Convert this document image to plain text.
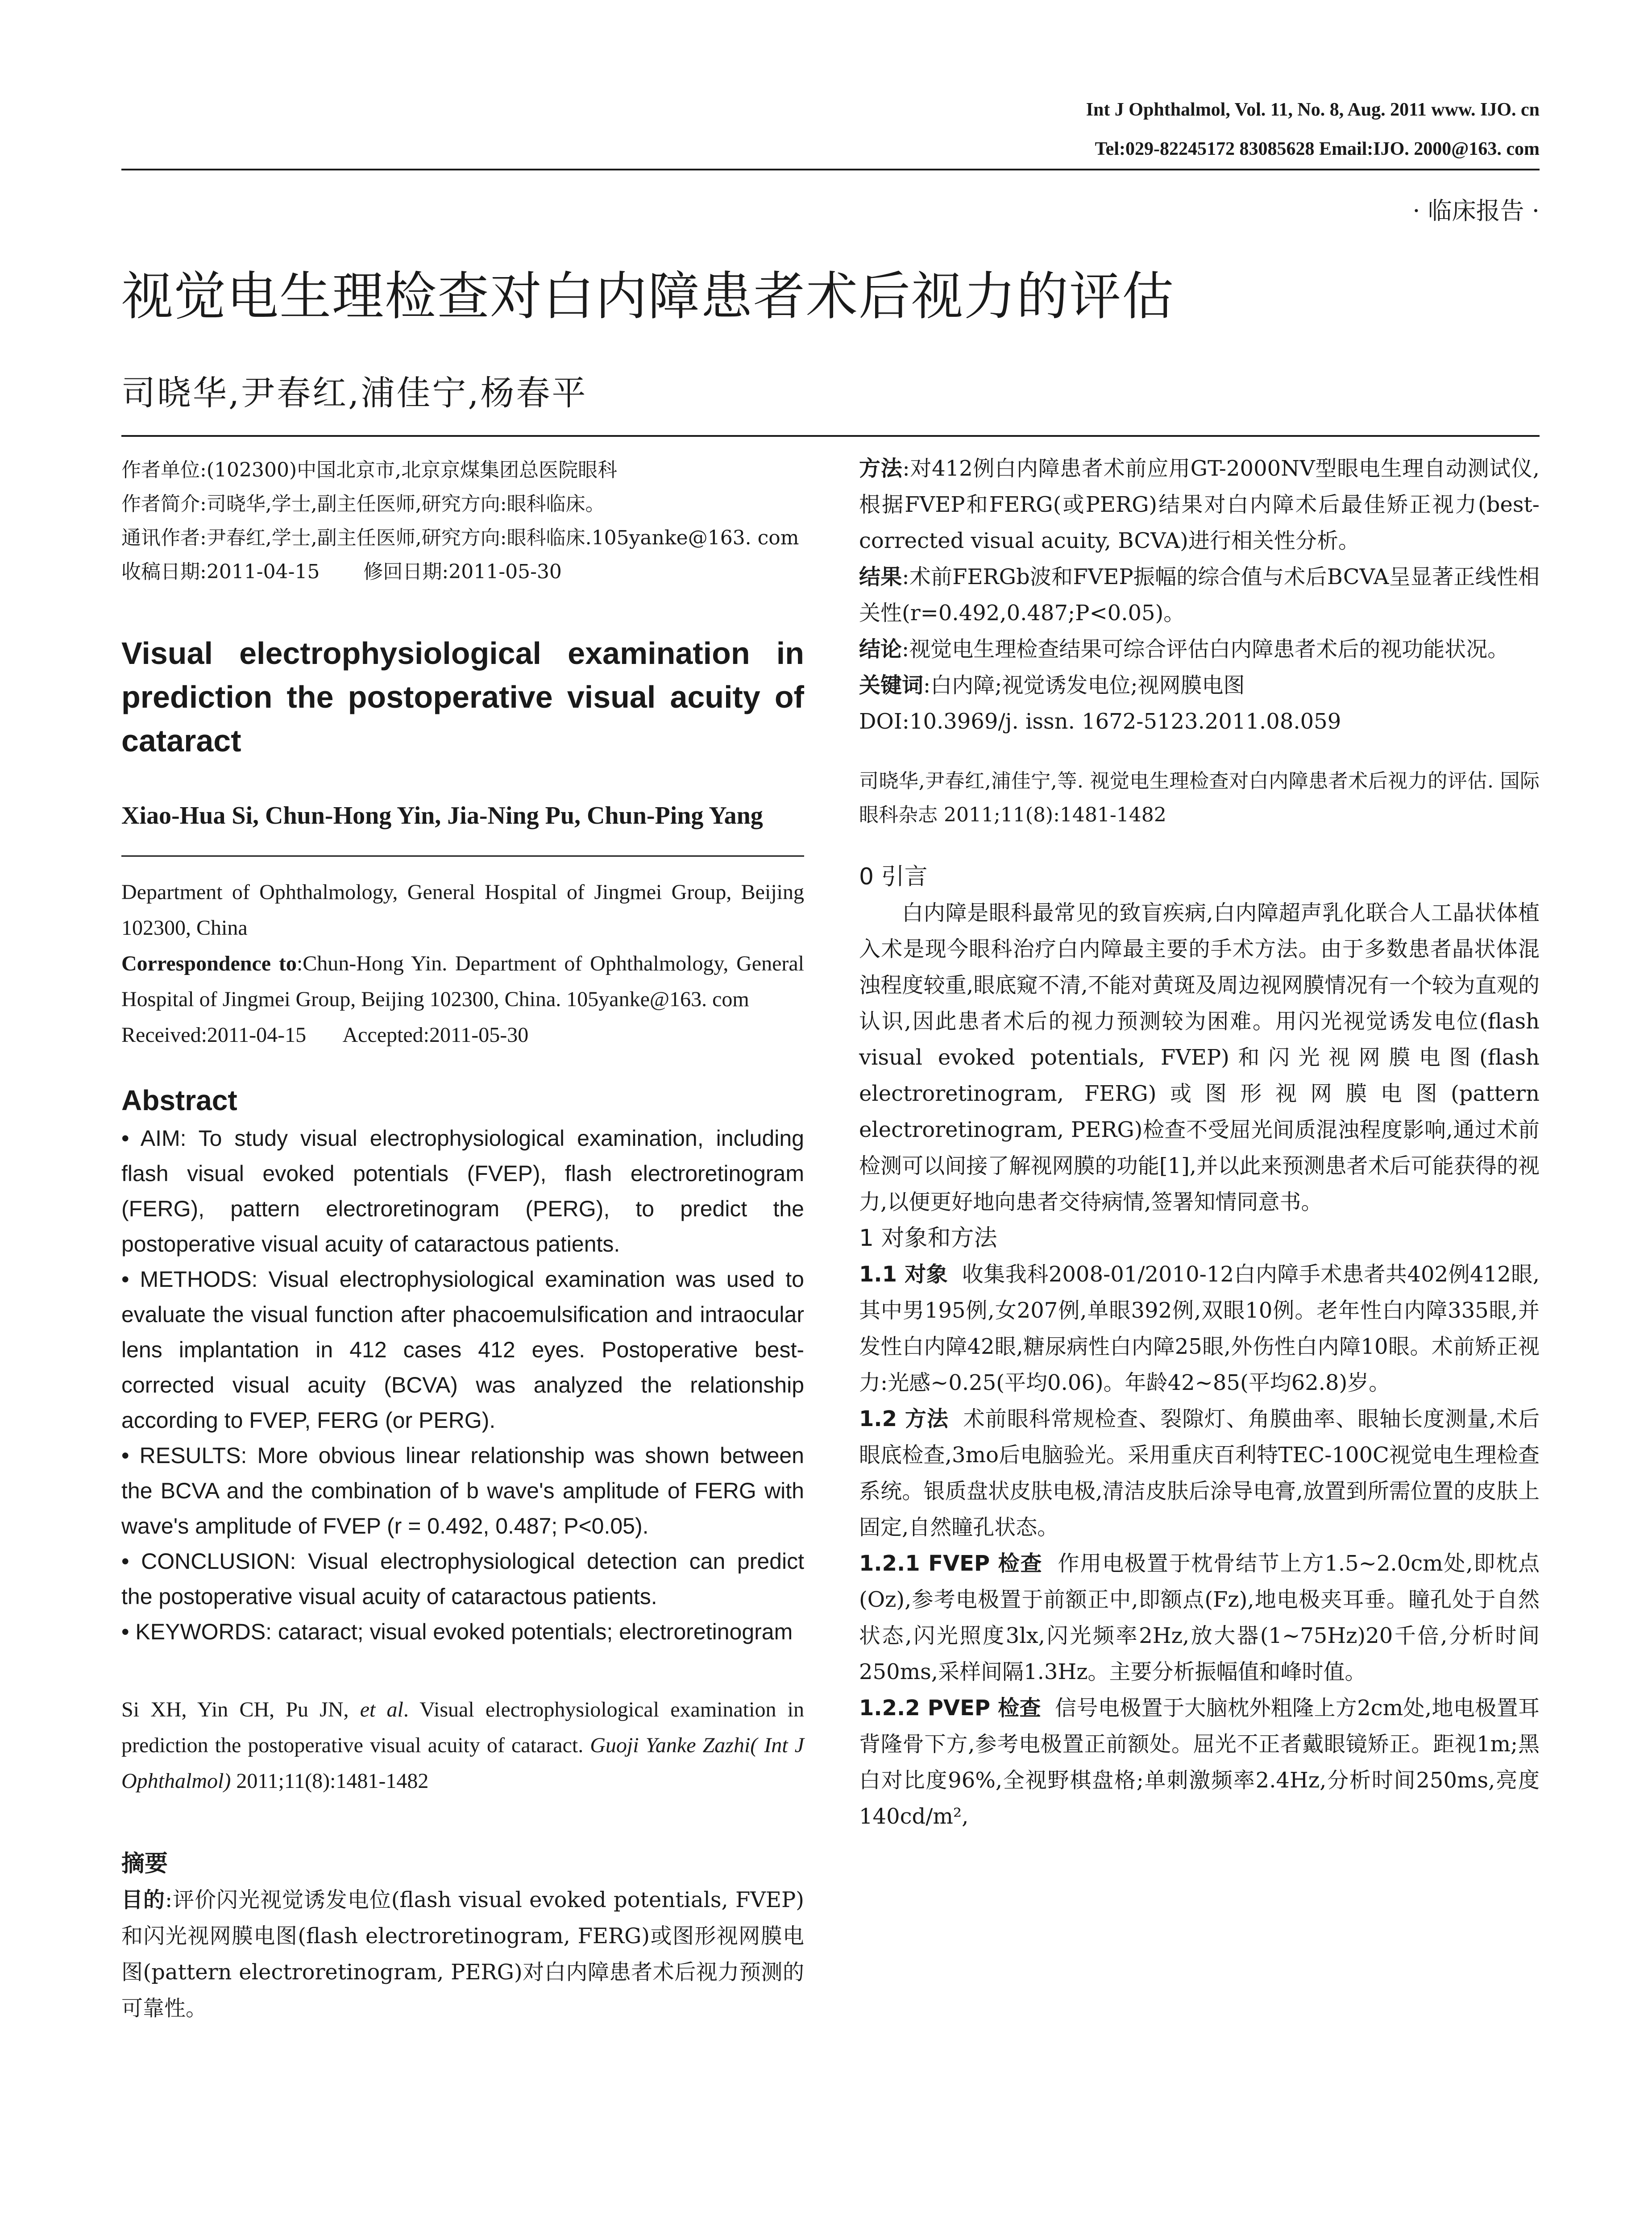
Int J Ophthalmol, Vol. 11, No. 8, Aug. 2011 www. IJO. cn
Tel:029-82245172 83085628 Email:IJO. 2000@163. com
· 临床报告 ·
视觉电生理检查对白内障患者术后视力的评估
司晓华,尹春红,浦佳宁,杨春平

作者单位:(102300)中国北京市,北京京煤集团总医院眼科

作者简介:司晓华,学士,副主任医师,研究方向:眼科临床。

通讯作者:尹春红,学士,副主任医师,研究方向:眼科临床.105yanke@163. com

收稿日期:2011-04-15       修回日期:2011-05-30

Visual electrophysiological examination in prediction the postoperative visual acuity of cataract

Xiao-Hua Si, Chun-Hong Yin, Jia-Ning Pu, Chun-Ping Yang

Department of Ophthalmology, General Hospital of Jingmei Group, Beijing 102300, China

Correspondence to:Chun-Hong Yin. Department of Ophthalmology, General Hospital of Jingmei Group, Beijing 102300, China. 105yanke@163. com

Received:2011-04-15       Accepted:2011-05-30

Abstract

• AIM: To study visual electrophysiological examination, including flash visual evoked potentials (FVEP), flash electroretinogram (FERG), pattern electroretinogram (PERG), to predict the postoperative visual acuity of cataractous patients.

• METHODS: Visual electrophysiological examination was used to evaluate the visual function after phacoemulsification and intraocular lens implantation in 412 cases 412 eyes. Postoperative best-corrected visual acuity (BCVA) was analyzed the relationship according to FVEP, FERG (or PERG).

• RESULTS: More obvious linear relationship was shown between the BCVA and the combination of b wave's amplitude of FERG with wave's amplitude of FVEP (r = 0.492, 0.487; P<0.05).

• CONCLUSION: Visual electrophysiological detection can predict the postoperative visual acuity of cataractous patients.

• KEYWORDS: cataract; visual evoked potentials; electroretinogram

Si XH, Yin CH, Pu JN, et al. Visual electrophysiological examination in prediction the postoperative visual acuity of cataract. Guoji Yanke Zazhi( Int J Ophthalmol) 2011;11(8):1481-1482

摘要

目的:评价闪光视觉诱发电位(flash visual evoked potentials, FVEP)和闪光视网膜电图(flash electroretinogram, FERG)或图形视网膜电图(pattern electroretinogram, PERG)对白内障患者术后视力预测的可靠性。

方法:对412例白内障患者术前应用GT-2000NV型眼电生理自动测试仪,根据FVEP和FERG(或PERG)结果对白内障术后最佳矫正视力(best-corrected visual acuity, BCVA)进行相关性分析。

结果:术前FERGb波和FVEP振幅的综合值与术后BCVA呈显著正线性相关性(r=0.492,0.487;P<0.05)。

结论:视觉电生理检查结果可综合评估白内障患者术后的视功能状况。

关键词:白内障;视觉诱发电位;视网膜电图

DOI:10.3969/j. issn. 1672-5123.2011.08.059

司晓华,尹春红,浦佳宁,等. 视觉电生理检查对白内障患者术后视力的评估. 国际眼科杂志 2011;11(8):1481-1482

0 引言

白内障是眼科最常见的致盲疾病,白内障超声乳化联合人工晶状体植入术是现今眼科治疗白内障最主要的手术方法。由于多数患者晶状体混浊程度较重,眼底窥不清,不能对黄斑及周边视网膜情况有一个较为直观的认识,因此患者术后的视力预测较为困难。用闪光视觉诱发电位(flash visual evoked potentials, FVEP)和闪光视网膜电图(flash electroretinogram, FERG)或图形视网膜电图(pattern electroretinogram, PERG)检查不受屈光间质混浊程度影响,通过术前检测可以间接了解视网膜的功能[1],并以此来预测患者术后可能获得的视力,以便更好地向患者交待病情,签署知情同意书。

1 对象和方法

1.1 对象 收集我科2008-01/2010-12白内障手术患者共402例412眼,其中男195例,女207例,单眼392例,双眼10例。老年性白内障335眼,并发性白内障42眼,糖尿病性白内障25眼,外伤性白内障10眼。术前矫正视力:光感~0.25(平均0.06)。年龄42~85(平均62.8)岁。

1.2 方法 术前眼科常规检查、裂隙灯、角膜曲率、眼轴长度测量,术后眼底检查,3mo后电脑验光。采用重庆百利特TEC-100C视觉电生理检查系统。银质盘状皮肤电极,清洁皮肤后涂导电膏,放置到所需位置的皮肤上固定,自然瞳孔状态。

1.2.1 FVEP 检查 作用电极置于枕骨结节上方1.5~2.0cm处,即枕点(Oz),参考电极置于前额正中,即额点(Fz),地电极夹耳垂。瞳孔处于自然状态,闪光照度3lx,闪光频率2Hz,放大器(1~75Hz)20千倍,分析时间250ms,采样间隔1.3Hz。主要分析振幅值和峰时值。

1.2.2 PVEP 检查 信号电极置于大脑枕外粗隆上方2cm处,地电极置耳背隆骨下方,参考电极置正前额处。屈光不正者戴眼镜矫正。距视1m;黑白对比度96%,全视野棋盘格;单刺激频率2.4Hz,分析时间250ms,亮度140cd/m²,
